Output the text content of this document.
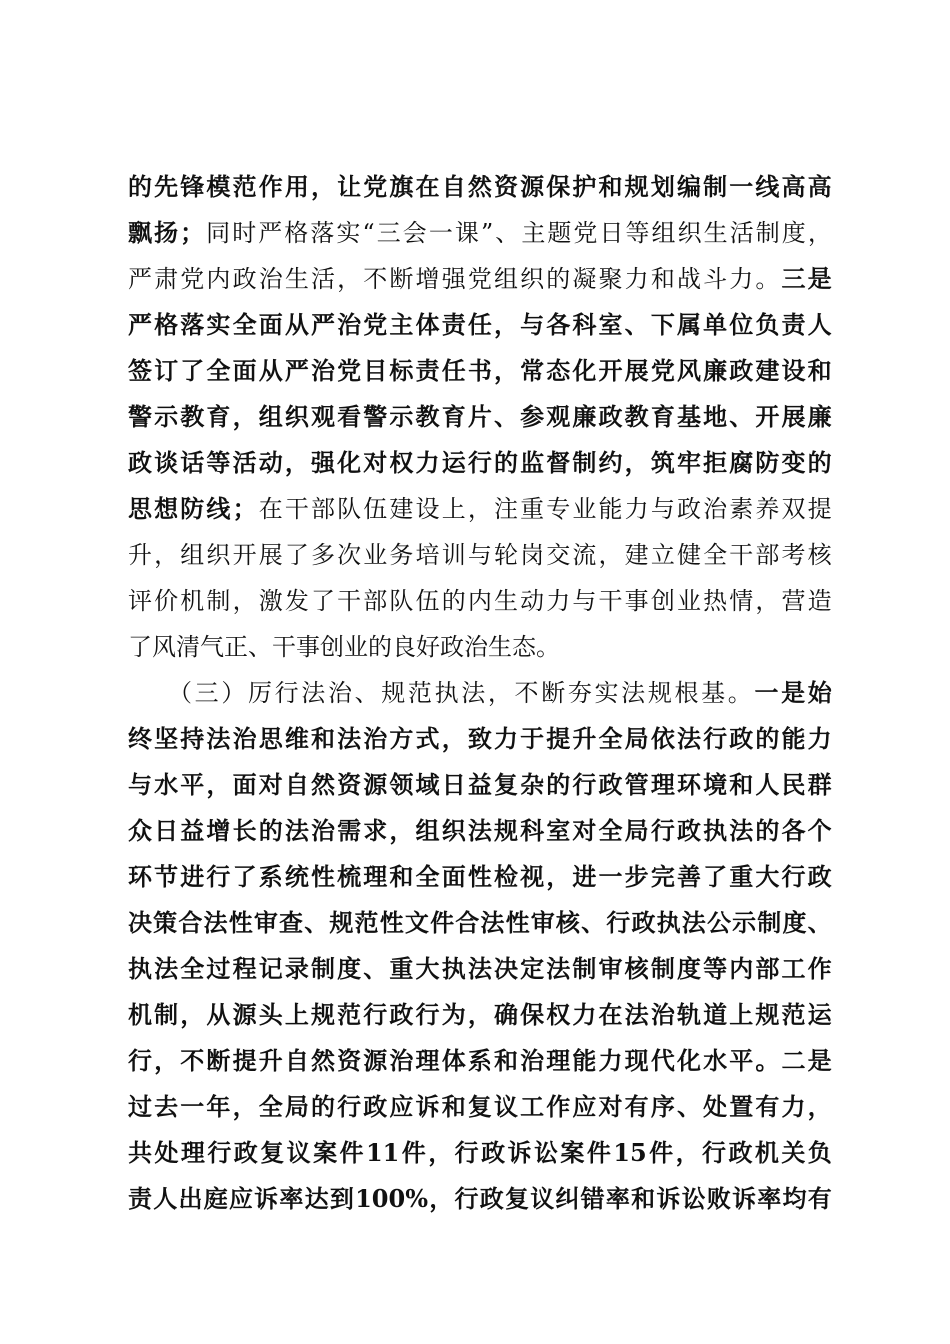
的 先 锋 模 范 作 用 ， 让 党 旗 在 自 然 资 源 保 护 和 规 划 编 制 一 线 高 高
飘 扬 ； 同 时 严 格 落 实 “ 三 会 一 课 ” 、 主 题 党 日 等 组 织 生 活 制 度 ，
严 肃 党 内 政 治 生 活 ， 不 断 增 强 党 组 织 的 凝 聚 力 和 战 斗 力 。 三 是
严 格 落 实 全 面 从 严 治 党 主 体 责 任 ， 与 各 科 室 、 下 属 单 位 负 责 人
签 订 了 全 面 从 严 治 党 目 标 责 任 书 ， 常 态 化 开 展 党 风 廉 政 建 设 和
警 示 教 育 ， 组 织 观 看 警 示 教 育 片 、 参 观 廉 政 教 育 基 地 、 开 展 廉
政 谈 话 等 活 动 ， 强 化 对 权 力 运 行 的 监 督 制 约 ， 筑 牢 拒 腐 防 变 的
思 想 防 线 ； 在 干 部 队 伍 建 设 上 ， 注 重 专 业 能 力 与 政 治 素 养 双 提
升 ， 组 织 开 展 了 多 次 业 务 培 训 与 轮 岗 交 流 ， 建 立 健 全 干 部 考 核
评 价 机 制 ， 激 发 了 干 部 队 伍 的 内 生 动 力 与 干 事 创 业 热 情 ， 营 造
了 风 清 气 正 、 干 事 创 业 的 良 好 政 治 生 态 。
（ 三 ） 厉 行 法 治 、 规 范 执 法 ， 不 断 夯 实 法 规 根 基 。 一 是 始
终 坚 持 法 治 思 维 和 法 治 方 式 ， 致 力 于 提 升 全 局 依 法 行 政 的 能 力
与 水 平 ， 面 对 自 然 资 源 领 域 日 益 复 杂 的 行 政 管 理 环 境 和 人 民 群
众 日 益 增 长 的 法 治 需 求 ， 组 织 法 规 科 室 对 全 局 行 政 执 法 的 各 个
环 节 进 行 了 系 统 性 梳 理 和 全 面 性 检 视 ， 进 一 步 完 善 了 重 大 行 政
决 策 合 法 性 审 查 、 规 范 性 文 件 合 法 性 审 核 、 行 政 执 法 公 示 制 度 、
执 法 全 过 程 记 录 制 度 、 重 大 执 法 决 定 法 制 审 核 制 度 等 内 部 工 作
机 制 ， 从 源 头 上 规 范 行 政 行 为 ， 确 保 权 力 在 法 治 轨 道 上 规 范 运
行 ， 不 断 提 升 自 然 资 源 治 理 体 系 和 治 理 能 力 现 代 化 水 平 。 二 是
过 去 一 年 ， 全 局 的 行 政 应 诉 和 复 议 工 作 应 对 有 序 、 处 置 有 力 ，
共 处 理 行 政 复 议 案 件 11 件 ， 行 政 诉 讼 案 件 15 件 ， 行 政 机 关 负
责 人 出 庭 应 诉 率 达 到 100% ， 行 政 复 议 纠 错 率 和 诉 讼 败 诉 率 均 有
